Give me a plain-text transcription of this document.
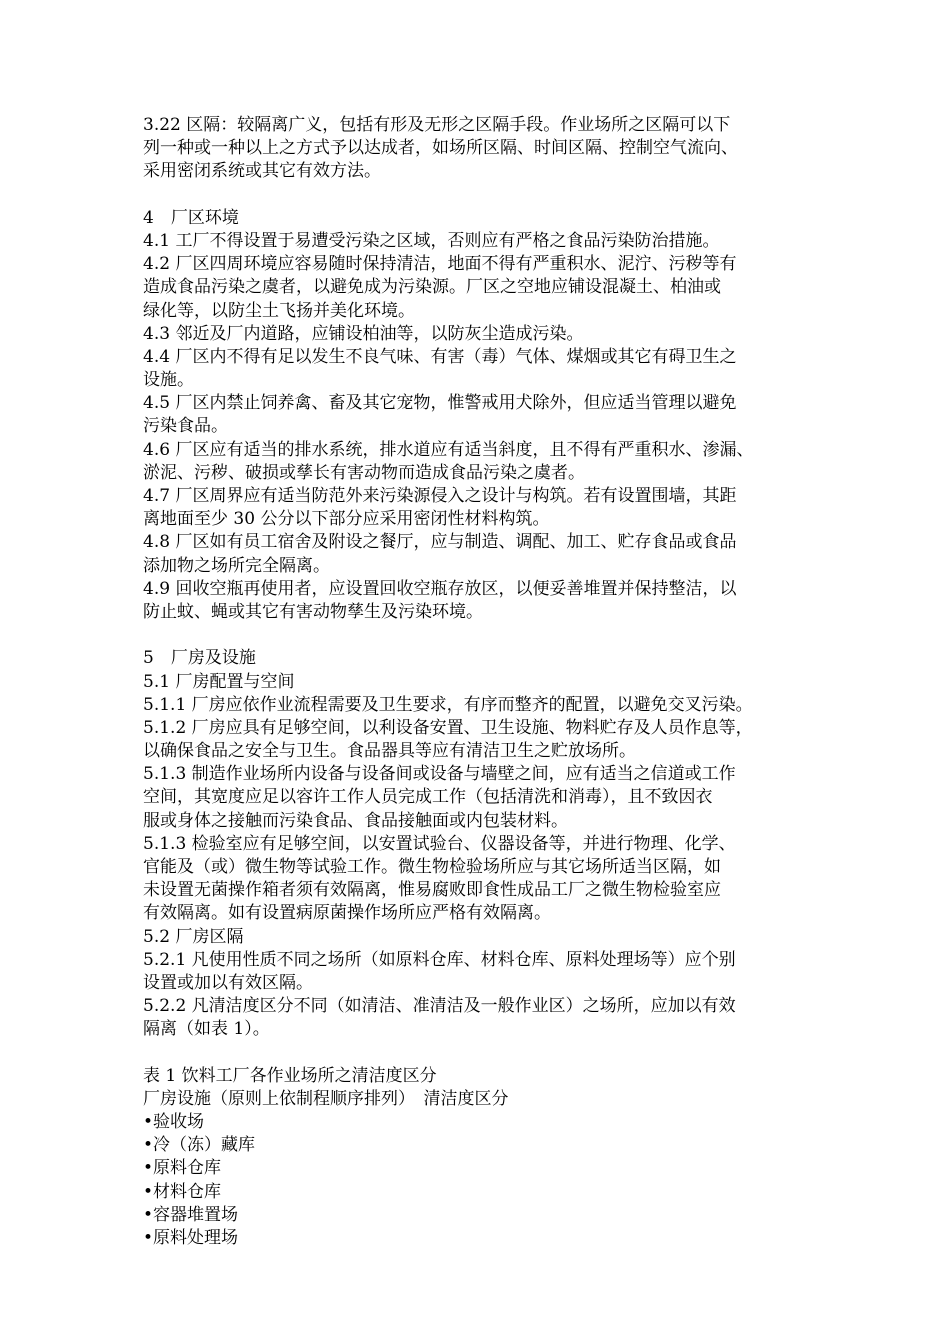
3.22 区隔：较隔离广义，包括有形及无形之区隔手段。作业场所之区隔可以下
列一种或一种以上之方式予以达成者，如场所区隔、时间区隔、控制空气流向、
采用密闭系统或其它有效方法。
4　厂区环境
4.1 工厂不得设置于易遭受污染之区域，否则应有严格之食品污染防治措施。
4.2 厂区四周环境应容易随时保持清洁，地面不得有严重积水、泥泞、污秽等有
造成食品污染之虞者，以避免成为污染源。厂区之空地应铺设混凝土、柏油或
绿化等，以防尘土飞扬并美化环境。
4.3 邻近及厂内道路，应铺设柏油等，以防灰尘造成污染。
4.4 厂区内不得有足以发生不良气味、有害（毒）气体、煤烟或其它有碍卫生之
设施。
4.5 厂区内禁止饲养禽、畜及其它宠物，惟警戒用犬除外，但应适当管理以避免
污染食品。
4.6 厂区应有适当的排水系统，排水道应有适当斜度，且不得有严重积水、渗漏、
淤泥、污秽、破损或孳长有害动物而造成食品污染之虞者。
4.7 厂区周界应有适当防范外来污染源侵入之设计与构筑。若有设置围墙，其距
离地面至少 30 公分以下部分应采用密闭性材料构筑。
4.8 厂区如有员工宿舍及附设之餐厅，应与制造、调配、加工、贮存食品或食品
添加物之场所完全隔离。
4.9 回收空瓶再使用者，应设置回收空瓶存放区，以便妥善堆置并保持整洁，以
防止蚊、蝇或其它有害动物孳生及污染环境。
5　厂房及设施
5.1 厂房配置与空间
5.1.1 厂房应依作业流程需要及卫生要求，有序而整齐的配置，以避免交叉污染。
5.1.2 厂房应具有足够空间，以利设备安置、卫生设施、物料贮存及人员作息等，
以确保食品之安全与卫生。食品器具等应有清洁卫生之贮放场所。
5.1.3 制造作业场所内设备与设备间或设备与墙壁之间，应有适当之信道或工作
空间，其宽度应足以容许工作人员完成工作（包括清洗和消毒），且不致因衣
服或身体之接触而污染食品、食品接触面或内包装材料。
5.1.3 检验室应有足够空间，以安置试验台、仪器设备等，并进行物理、化学、
官能及（或）微生物等试验工作。微生物检验场所应与其它场所适当区隔，如
未设置无菌操作箱者须有效隔离，惟易腐败即食性成品工厂之微生物检验室应
有效隔离。如有设置病原菌操作场所应严格有效隔离。
5.2 厂房区隔
5.2.1 凡使用性质不同之场所（如原料仓库、材料仓库、原料处理场等）应个别
设置或加以有效区隔。
5.2.2 凡清洁度区分不同（如清洁、准清洁及一般作业区）之场所，应加以有效
隔离（如表 1）。
表 1 饮料工厂各作业场所之清洁度区分
厂房设施（原则上依制程顺序排列）　清洁度区分
•验收场
•冷（冻）藏库
•原料仓库
•材料仓库
•容器堆置场
•原料处理场
